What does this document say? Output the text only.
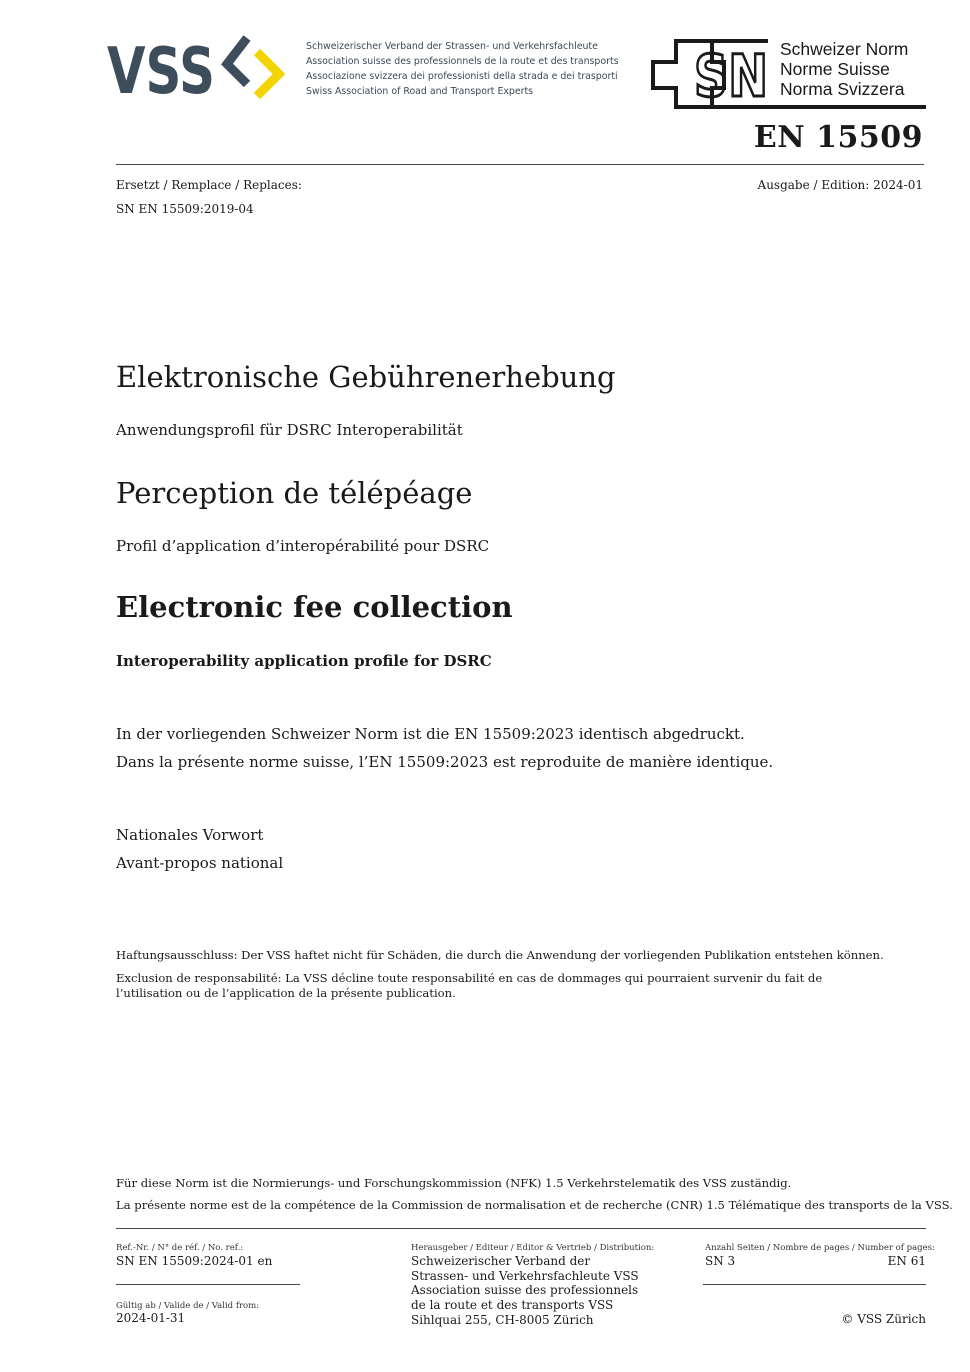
VSS	Schweizerischer Verband der Strassen- und Verkehrsfachleute
Association suisse des professionnels de la route et des transports
Associazione svizzera dei professionisti della strada e dei trasporti
Swiss Association of Road and Transport Experts	SN Schweizer Norm
Norme Suisse
Norma Svizzera
EN 15509
Ersetzt / Remplace / Replaces:
SN EN 15509:2019-04
Ausgabe / Edition: 2024-01
Elektronische Gebührenerhebung
Anwendungsprofil für DSRC Interoperabilität
Perception de télépéage
Profil d’application d’interopérabilité pour DSRC
Electronic fee collection
Interoperability application profile for DSRC
In der vorliegenden Schweizer Norm ist die EN 15509:2023 identisch abgedruckt.
Dans la présente norme suisse, l’EN 15509:2023 est reproduite de manière identique.
Nationales Vorwort
Avant-propos national
Haftungsausschluss: Der VSS haftet nicht für Schäden, die durch die Anwendung der vorliegenden Publikation entstehen können.
Exclusion de responsabilité: La VSS décline toute responsabilité en cas de dommages qui pourraient survenir du fait de l’utilisation ou de l’application de la présente publication.
Für diese Norm ist die Normierungs- und Forschungskommission (NFK) 1.5 Verkehrstelematik des VSS zuständig.
La présente norme est de la compétence de la Commission de normalisation et de recherche (CNR) 1.5 Télématique des transports de la VSS.
Ref.-Nr. / N° de réf. / No. ref.:
SN EN 15509:2024-01 en
Gültig ab / Valide de / Valid from:
2024-01-31
Herausgeber / Editeur / Editor & Vertrieb / Distribution:
Schweizerischer Verband der
Strassen- und Verkehrsfachleute VSS
Association suisse des professionnels
de la route et des transports VSS
Sihlquai 255, CH-8005 Zürich
Anzahl Seiten / Nombre de pages / Number of pages:
SN 3	EN 61
© VSS Zürich
